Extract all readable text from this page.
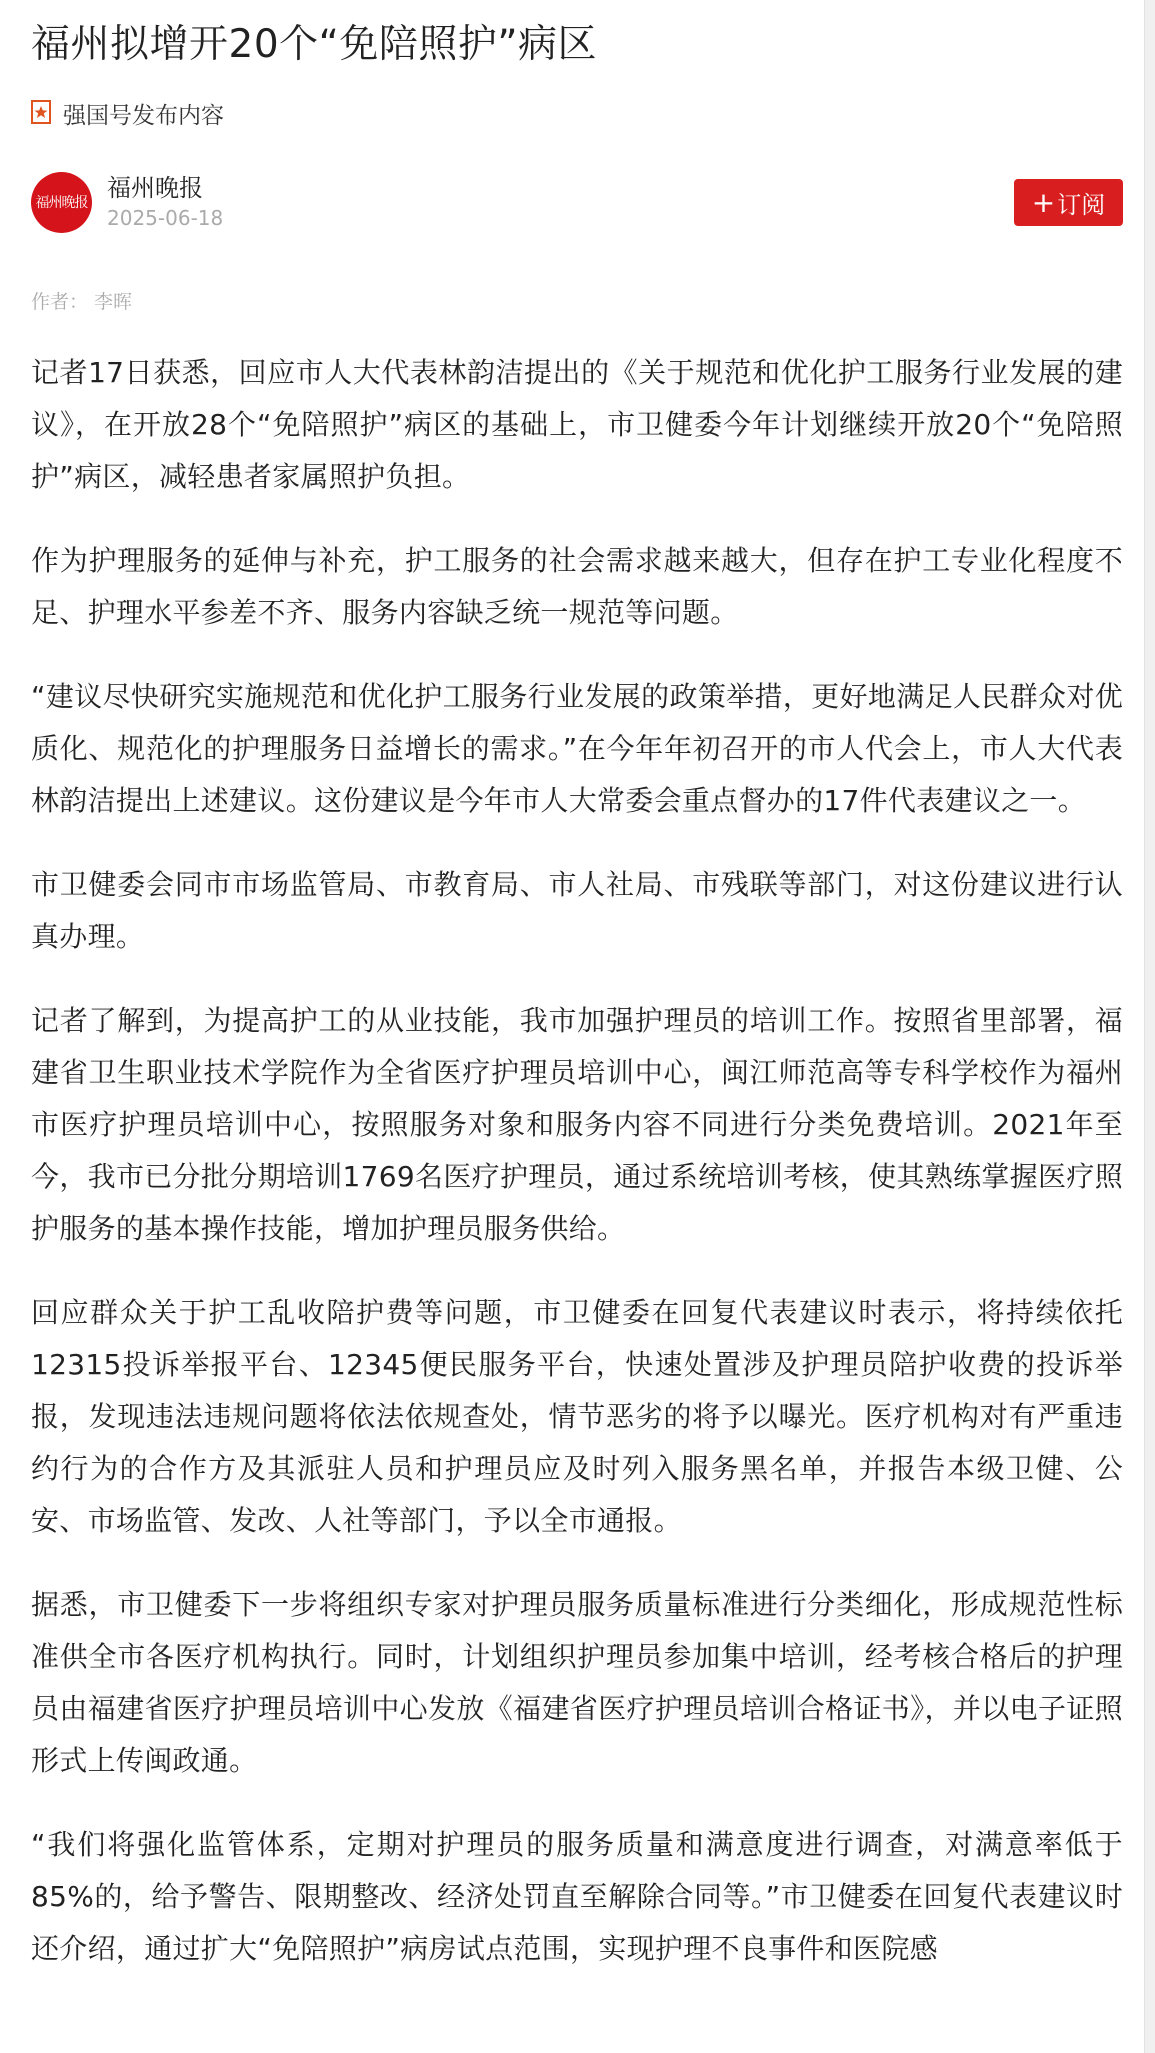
福州拟增开20个“免陪照护”病区
强国号发布内容
福州晚报
福州晚报
2025-06-18	+ 订阅
作者： 李晖

记者17日获悉，回应市人大代表林韵洁提出的《关于规范和优化护工服务行业发展的建议》，在开放28个“免陪照护”病区的基础上，市卫健委今年计划继续开放20个“免陪照护”病区，减轻患者家属照护负担。

作为护理服务的延伸与补充，护工服务的社会需求越来越大，但存在护工专业化程度不足、护理水平参差不齐、服务内容缺乏统一规范等问题。

“建议尽快研究实施规范和优化护工服务行业发展的政策举措，更好地满足人民群众对优质化、规范化的护理服务日益增长的需求。”在今年年初召开的市人代会上，市人大代表林韵洁提出上述建议。这份建议是今年市人大常委会重点督办的17件代表建议之一。

市卫健委会同市市场监管局、市教育局、市人社局、市残联等部门，对这份建议进行认真办理。

记者了解到，为提高护工的从业技能，我市加强护理员的培训工作。按照省里部署，福建省卫生职业技术学院作为全省医疗护理员培训中心，闽江师范高等专科学校作为福州市医疗护理员培训中心，按照服务对象和服务内容不同进行分类免费培训。2021年至今，我市已分批分期培训1769名医疗护理员，通过系统培训考核，使其熟练掌握医疗照护服务的基本操作技能，增加护理员服务供给。

回应群众关于护工乱收陪护费等问题，市卫健委在回复代表建议时表示，将持续依托12315投诉举报平台、12345便民服务平台，快速处置涉及护理员陪护收费的投诉举报，发现违法违规问题将依法依规查处，情节恶劣的将予以曝光。医疗机构对有严重违约行为的合作方及其派驻人员和护理员应及时列入服务黑名单，并报告本级卫健、公安、市场监管、发改、人社等部门，予以全市通报。

据悉，市卫健委下一步将组织专家对护理员服务质量标准进行分类细化，形成规范性标准供全市各医疗机构执行。同时，计划组织护理员参加集中培训，经考核合格后的护理员由福建省医疗护理员培训中心发放《福建省医疗护理员培训合格证书》，并以电子证照形式上传闽政通。

“我们将强化监管体系，定期对护理员的服务质量和满意度进行调查，对满意率低于85%的，给予警告、限期整改、经济处罚直至解除合同等。”市卫健委在回复代表建议时还介绍，通过扩大“免陪照护”病房试点范围，实现护理不良事件和医院感
